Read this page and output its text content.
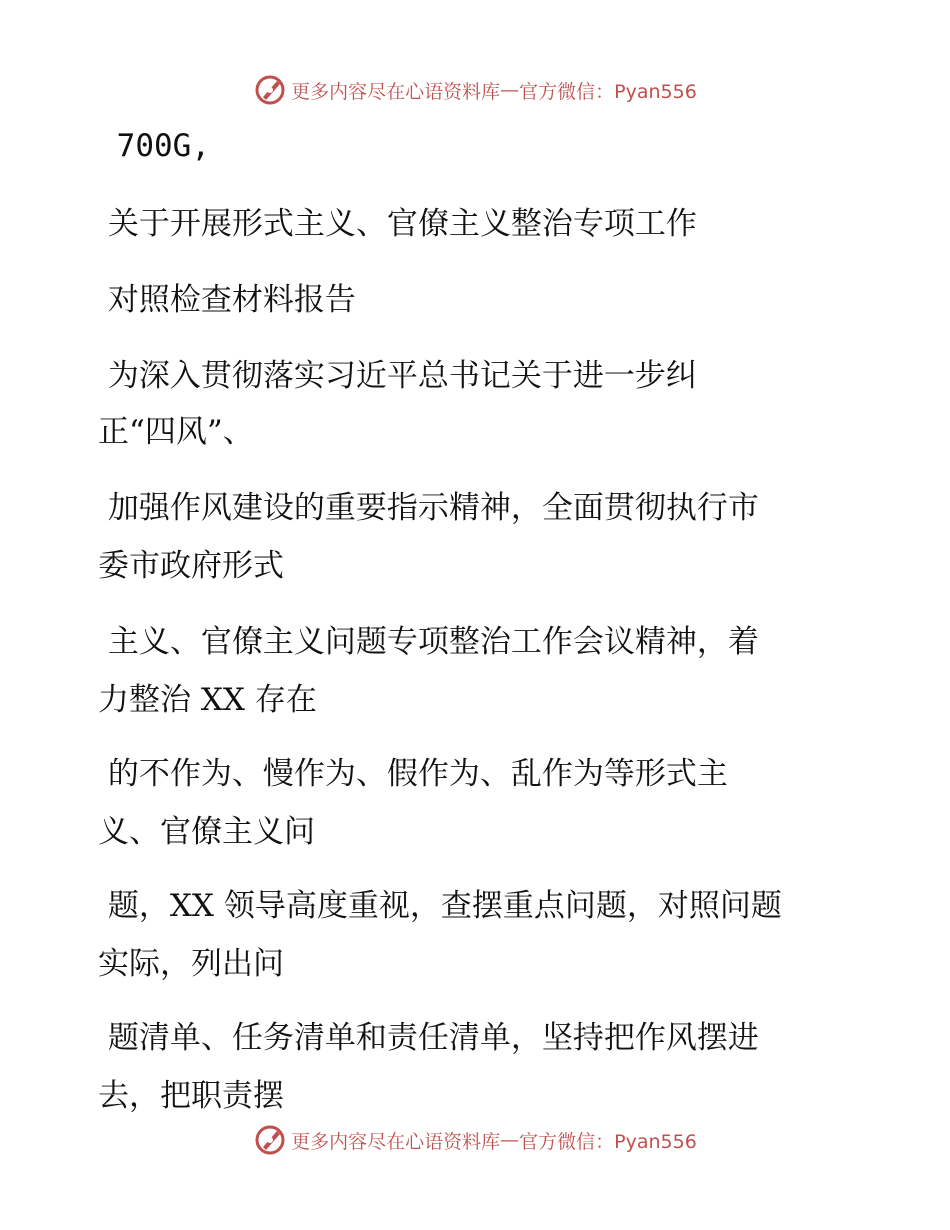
更多内容尽在心语资料库 — 官方微信：Pyan556
700G,
关于开展形式主义、官僚主义整治专项工作
对照检查材料报告
为深入贯彻落实习近平总书记关于进一步纠
正“四风”、
加强作风建设的重要指示精神，全面贯彻执行市
委市政府形式
主义、官僚主义问题专项整治工作会议精神，着
力整治 XX 存在
的不作为、慢作为、假作为、乱作为等形式主
义、官僚主义问
题，XX 领导高度重视，查摆重点问题，对照问题
实际，列出问
题清单、任务清单和责任清单，坚持把作风摆进
去，把职责摆
更多内容尽在心语资料库 — 官方微信：Pyan556
